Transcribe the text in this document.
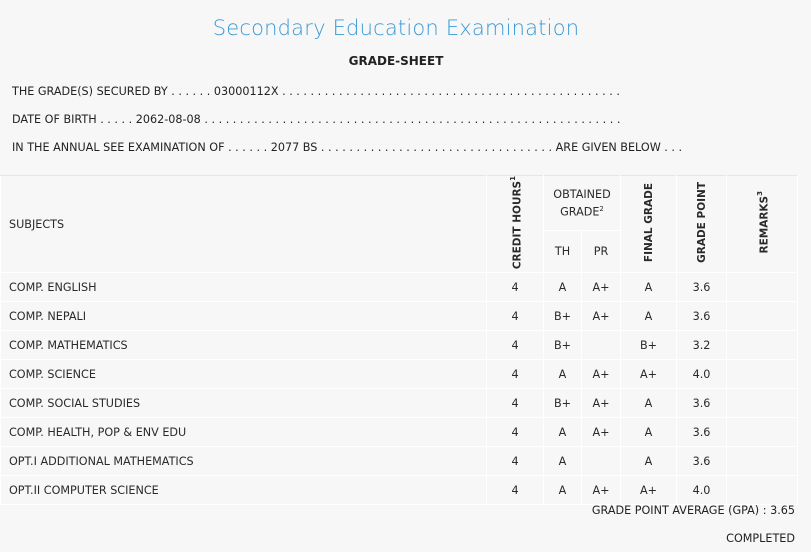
Secondary Education Examination
GRADE-SHEET
THE GRADE(S) SECURED BY . . . . . . 03000112X . . . . . . . . . . . . . . . . . . . . . . . . . . . . . . . . . . . . . . . . . . . . . . . .
DATE OF BIRTH . . . . . 2062-08-08 . . . . . . . . . . . . . . . . . . . . . . . . . . . . . . . . . . . . . . . . . . . . . . . . . . . . . . . . . . .
IN THE ANNUAL SEE EXAMINATION OF . . . . . . 2077 BS . . . . . . . . . . . . . . . . . . . . . . . . . . . . . . . . . ARE GIVEN BELOW . . .
SUBJECTS	CREDIT HOURS$^1$	OBTAINED GRADE$^2$		FINAL GRADE	GRADE POINT	REMARKS$^3$
		TH	PR			
COMP. ENGLISH	4	A	A+	A	3.6	
COMP. NEPALI	4	B+	A+	A	3.6	
COMP. MATHEMATICS	4	B+		B+	3.2	
COMP. SCIENCE	4	A	A+	A+	4.0	
COMP. SOCIAL STUDIES	4	B+	A+	A	3.6	
COMP. HEALTH, POP & ENV EDU	4	A	A+	A	3.6	
OPT.I ADDITIONAL MATHEMATICS	4	A		A	3.6	
OPT.II COMPUTER SCIENCE	4	A	A+	A+	4.0	
GRADE POINT AVERAGE (GPA) : 3.65
COMPLETED
